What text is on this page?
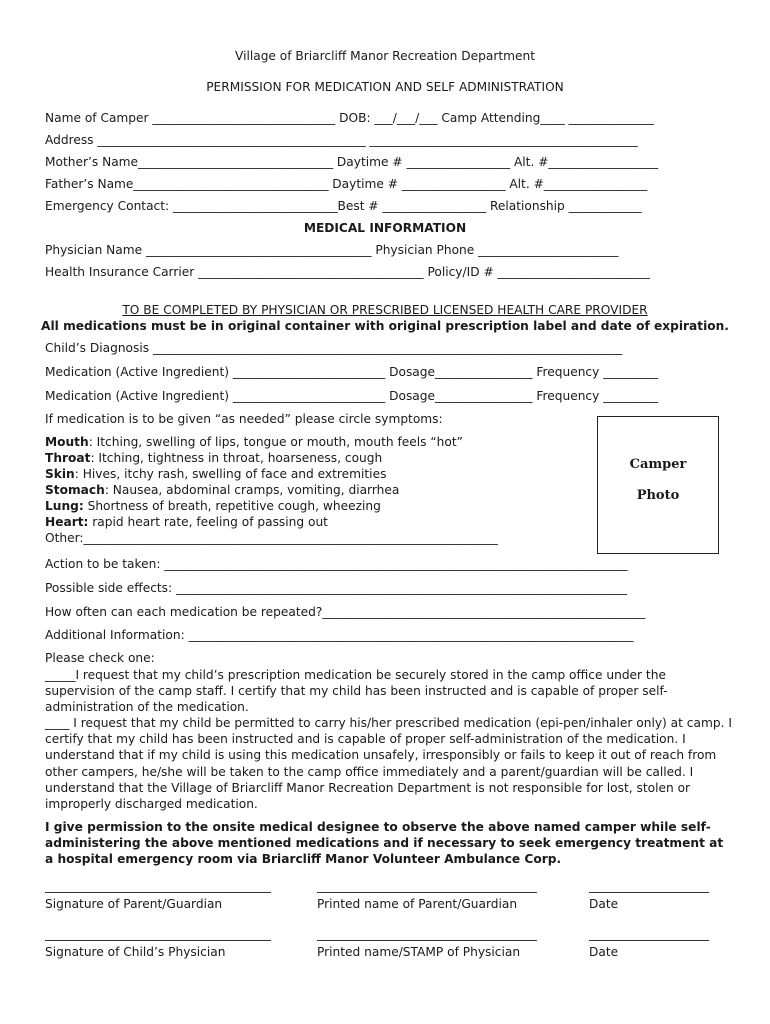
Village of Briarcliff Manor Recreation Department
PERMISSION FOR MEDICATION AND SELF ADMINISTRATION
Name of Camper ______________________________ DOB: ___/___/___ Camp Attending____ ______________
Address ____________________________________________ ____________________________________________
Mother’s Name________________________________ Daytime # _________________ Alt. #__________________
Father’s Name________________________________ Daytime # _________________ Alt. #_________________
Emergency Contact: ___________________________Best # _________________ Relationship ____________
MEDICAL INFORMATION
Physician Name _____________________________________ Physician Phone _______________________
Health Insurance Carrier _____________________________________ Policy/ID # _________________________
TO BE COMPLETED BY PHYSICIAN OR PRESCRIBED LICENSED HEALTH CARE PROVIDER
All medications must be in original container with original prescription label and date of expiration.
Child’s Diagnosis _____________________________________________________________________________
Medication (Active Ingredient) _________________________ Dosage________________ Frequency _________
Medication (Active Ingredient) _________________________ Dosage________________ Frequency _________
If medication is to be given “as needed” please circle symptoms:
Mouth: Itching, swelling of lips, tongue or mouth, mouth feels “hot”
Throat: Itching, tightness in throat, hoarseness, cough
Skin: Hives, itchy rash, swelling of face and extremities
Stomach: Nausea, abdominal cramps, vomiting, diarrhea
Lung: Shortness of breath, repetitive cough, wheezing
Heart: rapid heart rate, feeling of passing out
Other:____________________________________________________________________
Camper
Photo
Action to be taken: ____________________________________________________________________________
Possible side effects: __________________________________________________________________________
How often can each medication be repeated?_____________________________________________________
Additional Information: _________________________________________________________________________
Please check one:

_____I request that my child’s prescription medication be securely stored in the camp office under the supervision of the camp staff. I certify that my child has been instructed and is capable of proper self-administration of the medication.

____ I request that my child be permitted to carry his/her prescribed medication (epi-pen/inhaler only) at camp. I certify that my child has been instructed and is capable of proper self-administration of the medication. I understand that if my child is using this medication unsafely, irresponsibly or fails to keep it out of reach from other campers, he/she will be taken to the camp office immediately and a parent/guardian will be called. I understand that the Village of Briarcliff Manor Recreation Department is not responsible for lost, stolen or improperly discharged medication.

I give permission to the onsite medical designee to observe the above named camper while self-administering the above mentioned medications and if necessary to seek emergency treatment at a hospital emergency room via Briarcliff Manor Volunteer Ambulance Corp.

Signature of Parent/Guardian	Printed name of Parent/Guardian	Date
Signature of Child’s Physician	Printed name/STAMP of Physician	Date
